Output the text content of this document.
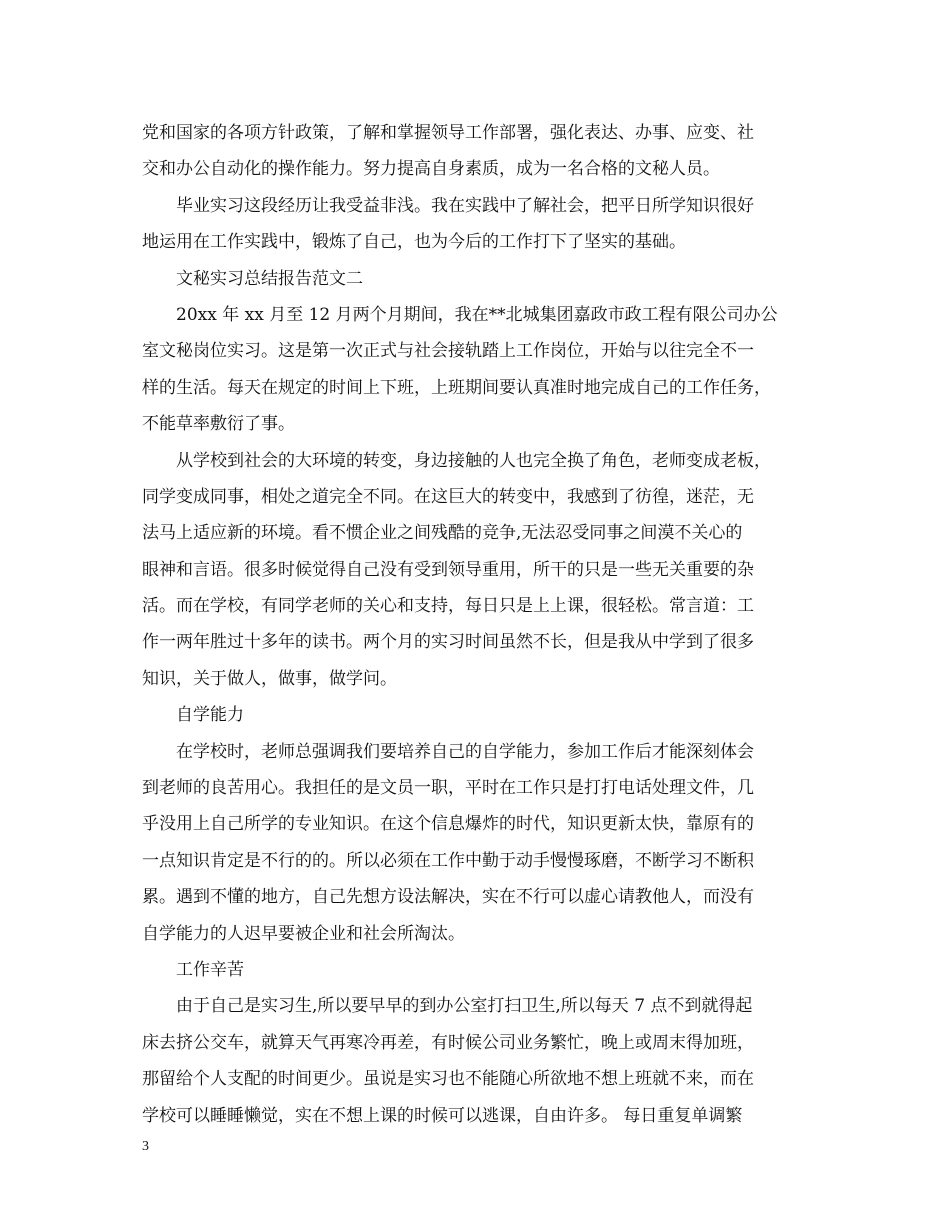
党和国家的各项方针政策，了解和掌握领导工作部署，强化表达、办事、应变、社
交和办公自动化的操作能力。努力提高自身素质，成为一名合格的文秘人员。
毕业实习这段经历让我受益非浅。我在实践中了解社会，把平日所学知识很好
地运用在工作实践中，锻炼了自己，也为今后的工作打下了坚实的基础。
文秘实习总结报告范文二
20xx 年 xx 月至 12 月两个月期间，我在**北城集团嘉政市政工程有限公司办公
室文秘岗位实习。这是第一次正式与社会接轨踏上工作岗位，开始与以往完全不一
样的生活。每天在规定的时间上下班，上班期间要认真准时地完成自己的工作任务，
不能草率敷衍了事。
从学校到社会的大环境的转变，身边接触的人也完全换了角色，老师变成老板，
同学变成同事，相处之道完全不同。在这巨大的转变中，我感到了彷徨，迷茫，无
法马上适应新的环境。看不惯企业之间残酷的竞争,无法忍受同事之间漠不关心的
眼神和言语。很多时候觉得自己没有受到领导重用，所干的只是一些无关重要的杂
活。而在学校，有同学老师的关心和支持，每日只是上上课，很轻松。常言道：工
作一两年胜过十多年的读书。两个月的实习时间虽然不长，但是我从中学到了很多
知识，关于做人，做事，做学问。
自学能力
在学校时，老师总强调我们要培养自己的自学能力，参加工作后才能深刻体会
到老师的良苦用心。我担任的是文员一职，平时在工作只是打打电话处理文件，几
乎没用上自己所学的专业知识。在这个信息爆炸的时代，知识更新太快，靠原有的
一点知识肯定是不行的的。所以必须在工作中勤于动手慢慢琢磨，不断学习不断积
累。遇到不懂的地方，自己先想方设法解决，实在不行可以虚心请教他人，而没有
自学能力的人迟早要被企业和社会所淘汰。
工作辛苦
由于自己是实习生,所以要早早的到办公室打扫卫生,所以每天 7 点不到就得起
床去挤公交车，就算天气再寒冷再差，有时候公司业务繁忙，晚上或周末得加班，
那留给个人支配的时间更少。虽说是实习也不能随心所欲地不想上班就不来，而在
学校可以睡睡懒觉，实在不想上课的时候可以逃课，自由许多。 每日重复单调繁
3
